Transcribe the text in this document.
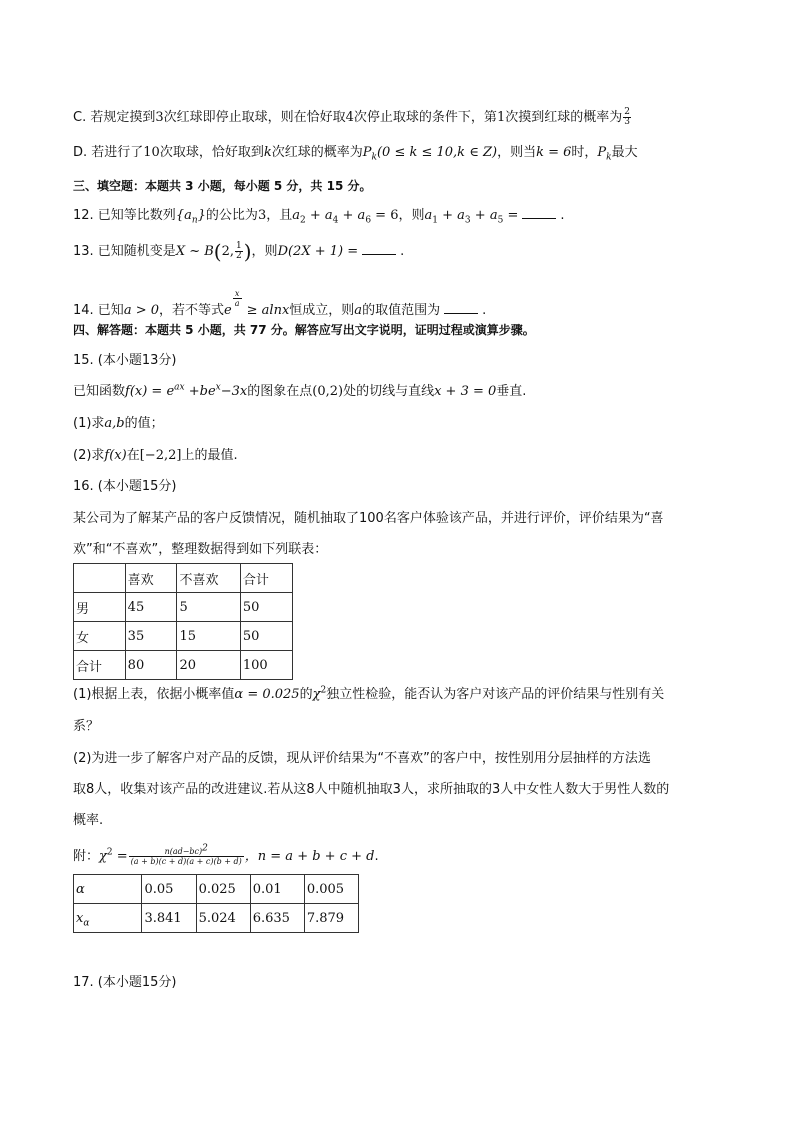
C. 若规定摸到3次红球即停止取球，则在恰好取4次停止取球的条件下，第1次摸到红球的概率为 $\frac{2}{3}$
D. 若进行了10次取球，恰好取到k次红球的概率为$P_k(0 \le k \le 10,k$ ∈ Z)，则当k = 6时，$P_k$最大
三、填空题：本题共 3 小题，每小题 5 分，共 15 分。
12. 已知等比数列$\{a_n\}$的公比为3，且$a_2 + a_4 + a_6 = 6$，则$a_1 + a_3 + a_5$ =	.
13. 已知随机变是X ~ B(2, $\frac{1}{2}$ )，则D(2X + 1) =	.
14. 已知a > 0，若不等式e
$\frac{x}{a}$
≥ alnx恒成立，则a的取值范围为	.
四、解答题：本题共 5 小题，共 77 分。解答应写出文字说明，证明过程或演算步骤。
15. (本小题13分)
已知函数$f(x) = e^{ax} +be^x-3x$的图象在点(0,2)处的切线与直线x + 3 = 0垂直.
(1)求a,b的值；
(2)求f(x)在[−2,2]上的最值.
16. (本小题15分)
某公司为了解某产品的客户反馈情况，随机抽取了100名客户体验该产品，并进行评价，评价结果为“喜
欢”和“不喜欢”，整理数据得到如下列联表：
	喜欢	不喜欢	合计
男	45	5	50
女	35	15	50
合计	80	20	100
(1)根据上表，依据小概率值α = 0.025的$\chi^2$独立性检验，能否认为客户对该产品的评价结果与性别有关
系？
(2)为进一步了解客户对产品的反馈，现从评价结果为“不喜欢”的客户中，按性别用分层抽样的方法选
取8人，收集对该产品的改进建议.若从这8人中随机抽取3人，求所抽取的3人中女性人数大于男性人数的
概率.
附：$\chi^2 = \frac{n(ad-bc)^2}{(a + b)(c + d)(a + c)(b + d)}$ ，n = a + b + c + d.
α	0.05	0.025	0.01	0.005
$x_\alpha$	3.841	5.024	6.635	7.879
17. (本小题15分)
